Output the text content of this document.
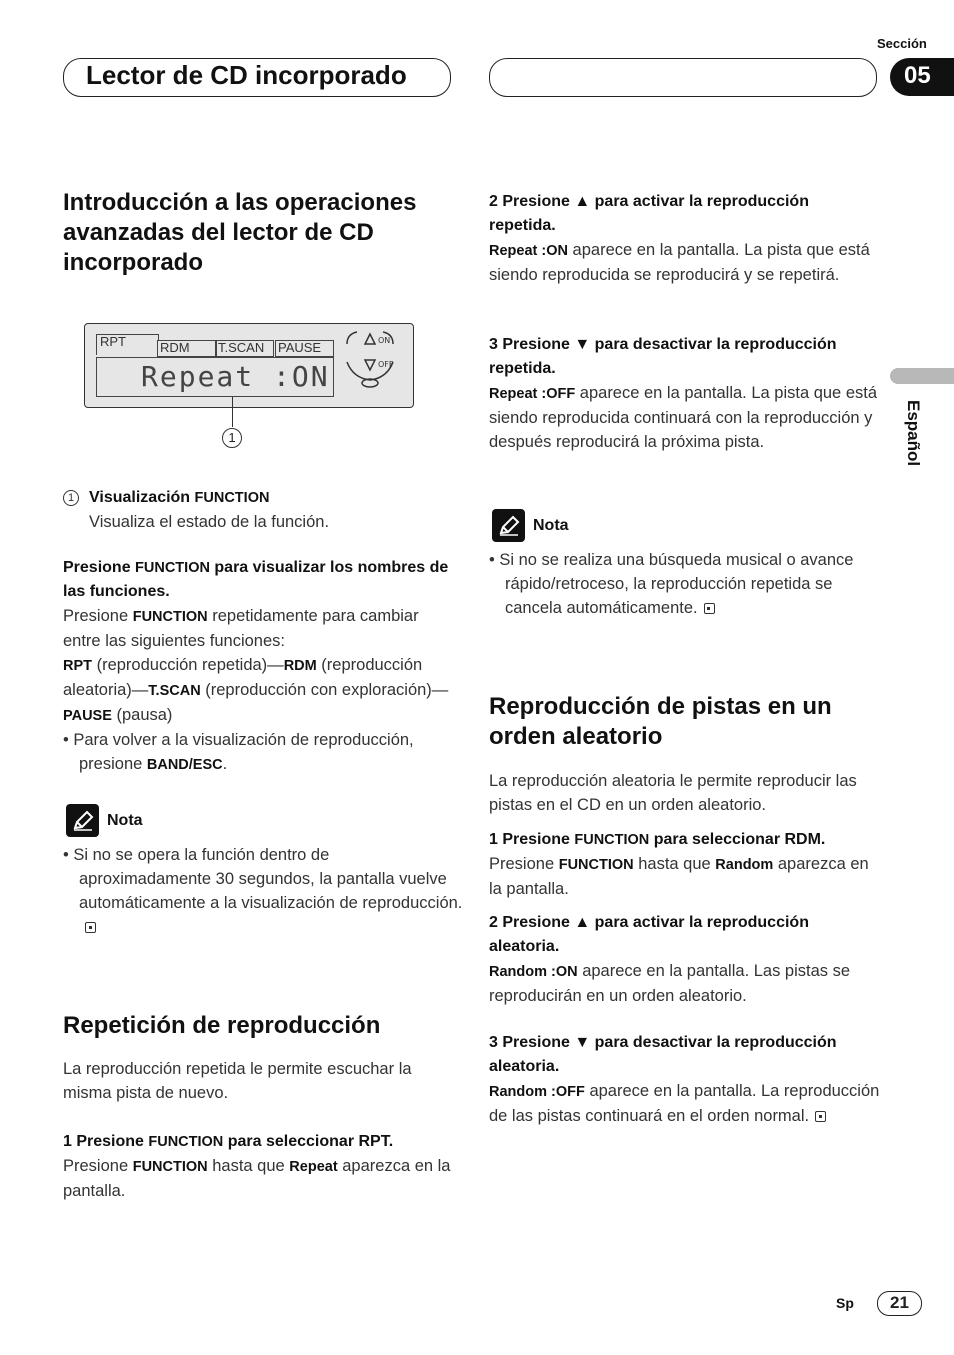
Sección
Lector de CD incorporado	05
Español
Introducción a las operaciones avanzadas del lector de CD incorporado
RPT	RDM	T.SCAN	PAUSE
Repeat :ON
ON
OFF
1
1 Visualización FUNCTION
Visualiza el estado de la función.

Presione FUNCTION para visualizar los nombres de las funciones.

Presione FUNCTION repetidamente para cambiar entre las siguientes funciones:

RPT (reproducción repetida)—RDM (reproducción aleatoria)—T.SCAN (reproducción con exploración)—PAUSE (pausa)

• Para volver a la visualización de reproducción, presione BAND/ESC.

Nota

• Si no se opera la función dentro de aproximadamente 30 segundos, la pantalla vuelve automáticamente a la visualización de reproducción.

Repetición de reproducción

La reproducción repetida le permite escuchar la misma pista de nuevo.

1 Presione FUNCTION para seleccionar RPT.

Presione FUNCTION hasta que Repeat aparezca en la pantalla.

2 Presione ▲ para activar la reproducción repetida.

Repeat :ON aparece en la pantalla. La pista que está siendo reproducida se reproducirá y se repetirá.

3 Presione ▼ para desactivar la reproducción repetida.

Repeat :OFF aparece en la pantalla. La pista que está siendo reproducida continuará con la reproducción y después reproducirá la próxima pista.

Nota

• Si no se realiza una búsqueda musical o avance rápido/retroceso, la reproducción repetida se cancela automáticamente.

Reproducción de pistas en un orden aleatorio

La reproducción aleatoria le permite reproducir las pistas en el CD en un orden aleatorio.

1 Presione FUNCTION para seleccionar RDM.

Presione FUNCTION hasta que Random aparezca en la pantalla.

2 Presione ▲ para activar la reproducción aleatoria.

Random :ON aparece en la pantalla. Las pistas se reproducirán en un orden aleatorio.

3 Presione ▼ para desactivar la reproducción aleatoria.

Random :OFF aparece en la pantalla. La reproducción de las pistas continuará en el orden normal.

Sp	21
